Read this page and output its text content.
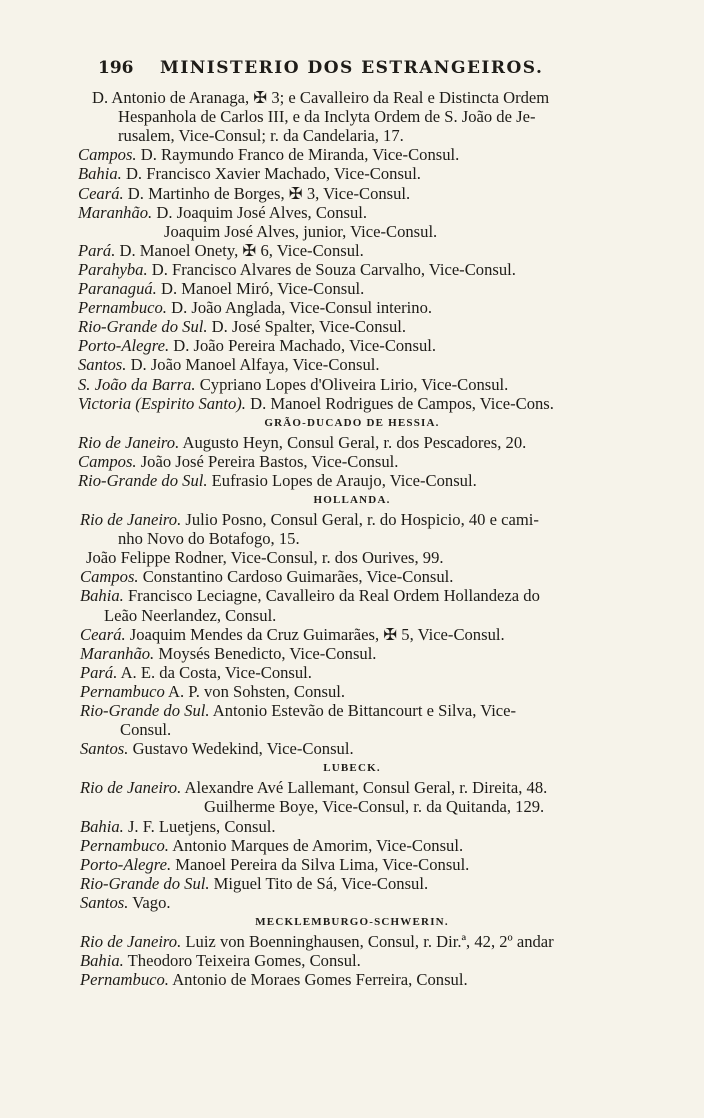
196 MINISTERIO DOS ESTRANGEIROS.
D. Antonio de Aranaga, ✠ 3; e Cavalleiro da Real e Distincta Ordem
Hespanhola de Carlos III, e da Inclyta Ordem de S. João de Je-
rusalem, Vice-Consul; r. da Candelaria, 17.
Campos. D. Raymundo Franco de Miranda, Vice-Consul.
Bahia. D. Francisco Xavier Machado, Vice-Consul.
Ceará. D. Martinho de Borges, ✠ 3, Vice-Consul.
Maranhão. D. Joaquim José Alves, Consul.
Joaquim José Alves, junior, Vice-Consul.
Pará. D. Manoel Onety, ✠ 6, Vice-Consul.
Parahyba. D. Francisco Alvares de Souza Carvalho, Vice-Consul.
Paranaguá. D. Manoel Miró, Vice-Consul.
Pernambuco. D. João Anglada, Vice-Consul interino.
Rio-Grande do Sul. D. José Spalter, Vice-Consul.
Porto-Alegre. D. João Pereira Machado, Vice-Consul.
Santos. D. João Manoel Alfaya, Vice-Consul.
S. João da Barra. Cypriano Lopes d'Oliveira Lirio, Vice-Consul.
Victoria (Espirito Santo). D. Manoel Rodrigues de Campos, Vice-Cons.
GRÃO-DUCADO DE HESSIA.
Rio de Janeiro. Augusto Heyn, Consul Geral, r. dos Pescadores, 20.
Campos. João José Pereira Bastos, Vice-Consul.
Rio-Grande do Sul. Eufrasio Lopes de Araujo, Vice-Consul.
HOLLANDA.
Rio de Janeiro. Julio Posno, Consul Geral, r. do Hospicio, 40 e cami-
nho Novo do Botafogo, 15.
João Felippe Rodner, Vice-Consul, r. dos Ourives, 99.
Campos. Constantino Cardoso Guimarães, Vice-Consul.
Bahia. Francisco Leciagne, Cavalleiro da Real Ordem Hollandeza do
Leão Neerlandez, Consul.
Ceará. Joaquim Mendes da Cruz Guimarães, ✠ 5, Vice-Consul.
Maranhão. Moysés Benedicto, Vice-Consul.
Pará. A. E. da Costa, Vice-Consul.
Pernambuco A. P. von Sohsten, Consul.
Rio-Grande do Sul. Antonio Estevão de Bittancourt e Silva, Vice-
Consul.
Santos. Gustavo Wedekind, Vice-Consul.
LUBECK.
Rio de Janeiro. Alexandre Avé Lallemant, Consul Geral, r. Direita, 48.
Guilherme Boye, Vice-Consul, r. da Quitanda, 129.
Bahia. J. F. Luetjens, Consul.
Pernambuco. Antonio Marques de Amorim, Vice-Consul.
Porto-Alegre. Manoel Pereira da Silva Lima, Vice-Consul.
Rio-Grande do Sul. Miguel Tito de Sá, Vice-Consul.
Santos. Vago.
MECKLEMBURGO-SCHWERIN.
Rio de Janeiro. Luiz von Boenninghausen, Consul, r. Dir.ª, 42, 2º andar
Bahia. Theodoro Teixeira Gomes, Consul.
Pernambuco. Antonio de Moraes Gomes Ferreira, Consul.
